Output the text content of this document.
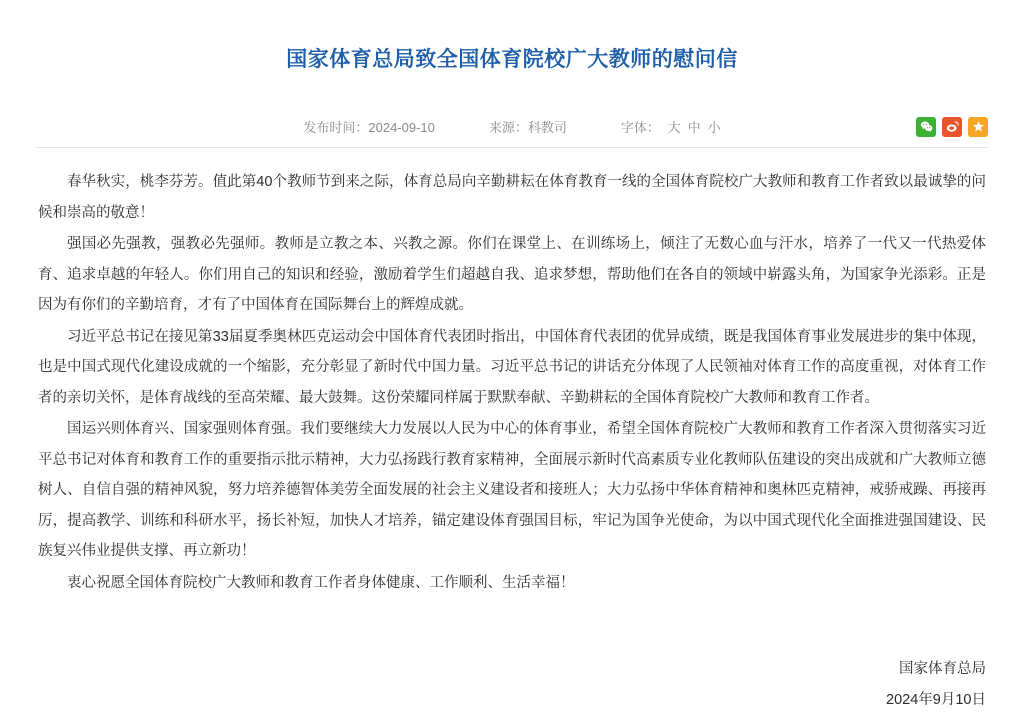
国家体育总局致全国体育院校广大教师的慰问信
发布时间：2024-09-10	来源：科教司	字体： 大 中 小

春华秋实，桃李芬芳。值此第40个教师节到来之际，体育总局向辛勤耕耘在体育教育一线的全国体育院校广大教师和教育工作者致以最诚挚的问候和崇高的敬意！

强国必先强教，强教必先强师。教师是立教之本、兴教之源。你们在课堂上、在训练场上，倾注了无数心血与汗水，培养了一代又一代热爱体育、追求卓越的年轻人。你们用自己的知识和经验，激励着学生们超越自我、追求梦想，帮助他们在各自的领域中崭露头角，为国家争光添彩。正是因为有你们的辛勤培育，才有了中国体育在国际舞台上的辉煌成就。

习近平总书记在接见第33届夏季奥林匹克运动会中国体育代表团时指出，中国体育代表团的优异成绩，既是我国体育事业发展进步的集中体现，也是中国式现代化建设成就的一个缩影，充分彰显了新时代中国力量。习近平总书记的讲话充分体现了人民领袖对体育工作的高度重视，对体育工作者的亲切关怀，是体育战线的至高荣耀、最大鼓舞。这份荣耀同样属于默默奉献、辛勤耕耘的全国体育院校广大教师和教育工作者。

国运兴则体育兴、国家强则体育强。我们要继续大力发展以人民为中心的体育事业，希望全国体育院校广大教师和教育工作者深入贯彻落实习近平总书记对体育和教育工作的重要指示批示精神，大力弘扬践行教育家精神，全面展示新时代高素质专业化教师队伍建设的突出成就和广大教师立德树人、自信自强的精神风貌，努力培养德智体美劳全面发展的社会主义建设者和接班人；大力弘扬中华体育精神和奥林匹克精神，戒骄戒躁、再接再厉，提高教学、训练和科研水平，扬长补短，加快人才培养，锚定建设体育强国目标，牢记为国争光使命，为以中国式现代化全面推进强国建设、民族复兴伟业提供支撑、再立新功！

衷心祝愿全国体育院校广大教师和教育工作者身体健康、工作顺利、生活幸福！

国家体育总局
2024年9月10日
